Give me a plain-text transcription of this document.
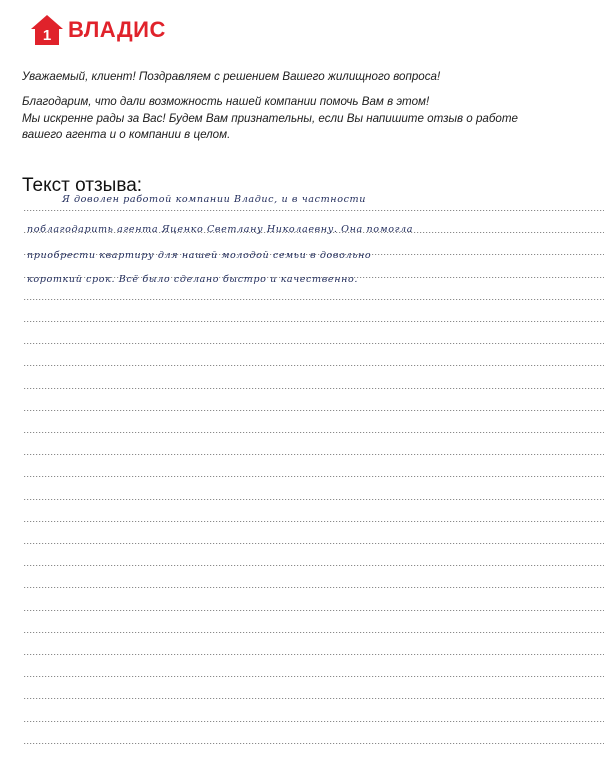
1 ВЛАДИС
Уважаемый, клиент! Поздравляем с решением Вашего жилищного вопроса!
Благодарим, что дали возможность нашей компании помочь Вам в этом!
Мы искренне рады за Вас! Будем Вам признательны, если Вы напишите отзыв о работе
вашего агента и о компании в целом.
Текст отзыва:
Я доволен работой компании Владис, и в частности
поблагодарить агента Яценко Светлану Николаевну. Она помогла
приобрести квартиру для нашей молодой семьи в довольно
короткий срок. Всё было сделано быстро и качественно.
